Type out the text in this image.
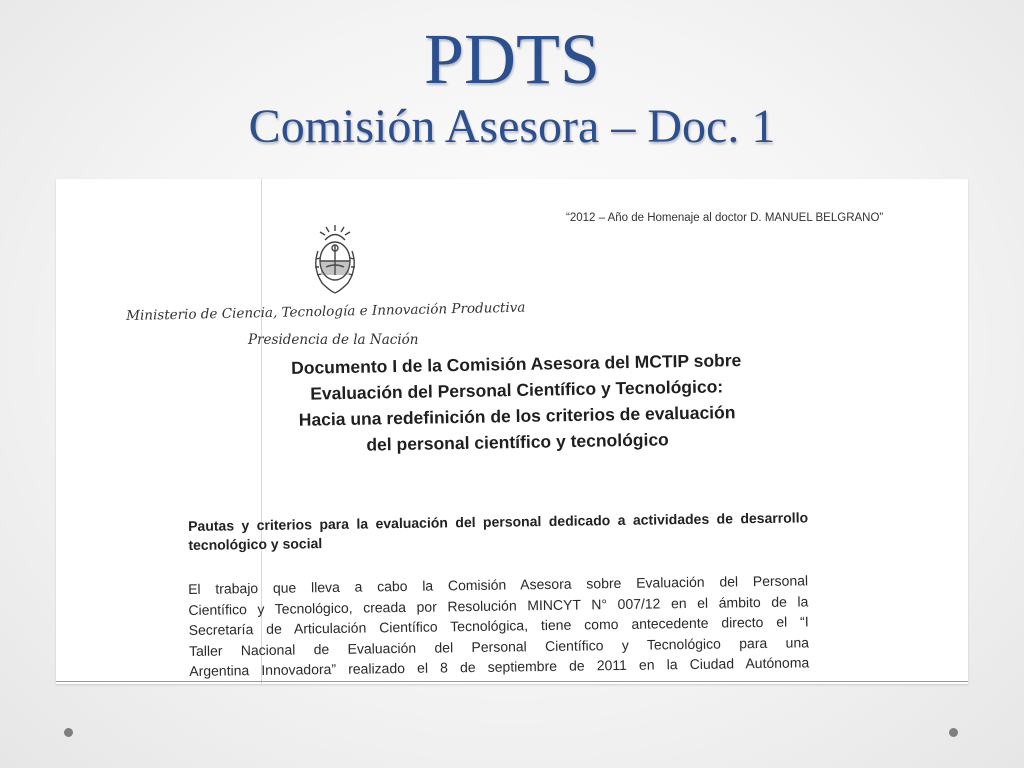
PDTS
Comisión Asesora – Doc. 1
“2012 – Año de Homenaje al doctor D. MANUEL BELGRANO”
Ministerio de Ciencia, Tecnología e Innovación Productiva
Presidencia de la Nación
Documento I de la Comisión Asesora del MCTIP sobre
Evaluación del Personal Científico y Tecnológico:
Hacia una redefinición de los criterios de evaluación
del personal científico y tecnológico
Pautas y criterios para la evaluación del personal dedicado a actividades de desarrollo tecnológico y social
El trabajo que lleva a cabo la Comisión Asesora sobre Evaluación del Personal
Científico y Tecnológico, creada por Resolución MINCYT N° 007/12 en el ámbito de la
Secretaría de Articulación Científico Tecnológica, tiene como antecedente directo el “I
Taller Nacional de Evaluación del Personal Científico y Tecnológico para una
Argentina Innovadora” realizado el 8 de septiembre de 2011 en la Ciudad Autónoma
